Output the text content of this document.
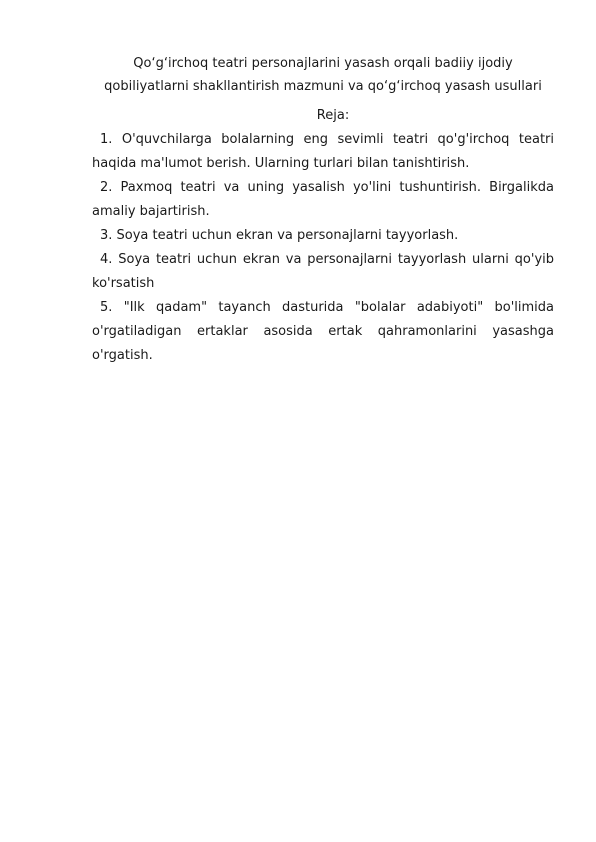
Qo‘g‘irchoq teatri personajlarini yasash orqali badiiy ijodiy qobiliyatlarni shakllantirish mazmuni va qo‘g‘irchoq yasash usullari

Reja:

1. O'quvchilarga bolalarning eng sevimli teatri qo'g'irchoq teatri haqida ma'lumot berish. Ularning turlari bilan tanishtirish.

2. Paxmoq teatri va uning yasalish yo'lini tushuntirish. Birgalikda amaliy bajartirish.

3. Soya teatri uchun ekran va personajlarni tayyorlash.

4. Soya teatri uchun ekran va personajlarni tayyorlash ularni qo'yib ko'rsatish

5. "Ilk qadam" tayanch dasturida "bolalar adabiyoti" bo'limida o'rgatiladigan ertaklar asosida ertak qahramonlarini yasashga o'rgatish.
